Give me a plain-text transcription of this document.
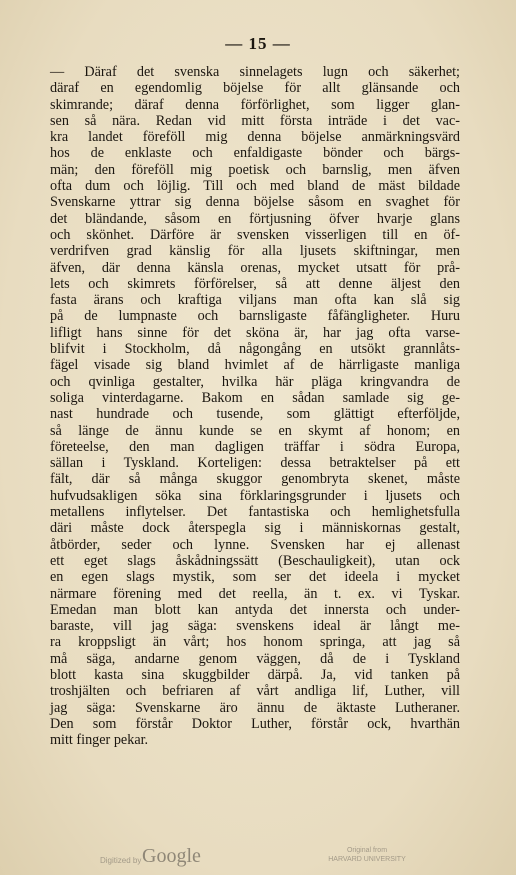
— 15 —
— Däraf det svenska sinnelagets lugn och säkerhet;
däraf en egendomlig böjelse för allt glänsande och
skimrande; däraf denna förförlighet, som ligger glan-
sen så nära. Redan vid mitt första inträde i det vac-
kra landet föreföll mig denna böjelse anmärkningsvärd
hos de enklaste och enfaldigaste bönder och bärgs-
män; den föreföll mig poetisk och barnslig, men äfven
ofta dum och löjlig. Till och med bland de mäst bildade
Svenskarne yttrar sig denna böjelse såsom en svaghet för
det bländande, såsom en förtjusning öfver hvarje glans
och skönhet. Därföre är svensken visserligen till en öf-
verdrifven grad känslig för alla ljusets skiftningar, men
äfven, där denna känsla orenas, mycket utsatt för prå-
lets och skimrets förförelser, så att denne äljest den
fasta ärans och kraftiga viljans man ofta kan slå sig
på de lumpnaste och barnsligaste fåfängligheter. Huru
lifligt hans sinne för det sköna är, har jag ofta varse-
blifvit i Stockholm, då någongång en utsökt grannlåts-
fägel visade sig bland hvimlet af de härrligaste manliga
och qvinliga gestalter, hvilka här pläga kringvandra de
soliga vinterdagarne. Bakom en sådan samlade sig ge-
nast hundrade och tusende, som glättigt efterföljde,
så länge de ännu kunde se en skymt af honom; en
företeelse, den man dagligen träffar i södra Europa,
sällan i Tyskland. Korteligen: dessa betraktelser på ett
fält, där så många skuggor genombryta skenet, måste
hufvudsakligen söka sina förklaringsgrunder i ljusets och
metallens inflytelser. Det fantastiska och hemlighetsfulla
däri måste dock återspegla sig i människornas gestalt,
åtbörder, seder och lynne. Svensken har ej allenast
ett eget slags åskådningssätt (Beschauligkeit), utan ock
en egen slags mystik, som ser det ideela i mycket
närmare förening med det reella, än t. ex. vi Tyskar.
Emedan man blott kan antyda det innersta och under-
baraste, vill jag säga: svenskens ideal är långt me-
ra kroppsligt än vårt; hos honom springa, att jag så
må säga, andarne genom väggen, då de i Tyskland
blott kasta sina skuggbilder därpå. Ja, vid tanken på
troshjälten och befriaren af vårt andliga lif, Luther, vill
jag säga: Svenskarne äro ännu de äktaste Lutheraner.
Den som förstår Doktor Luther, förstår ock, hvarthän
mitt finger pekar.
Digitized by Google	Original from
HARVARD UNIVERSITY
